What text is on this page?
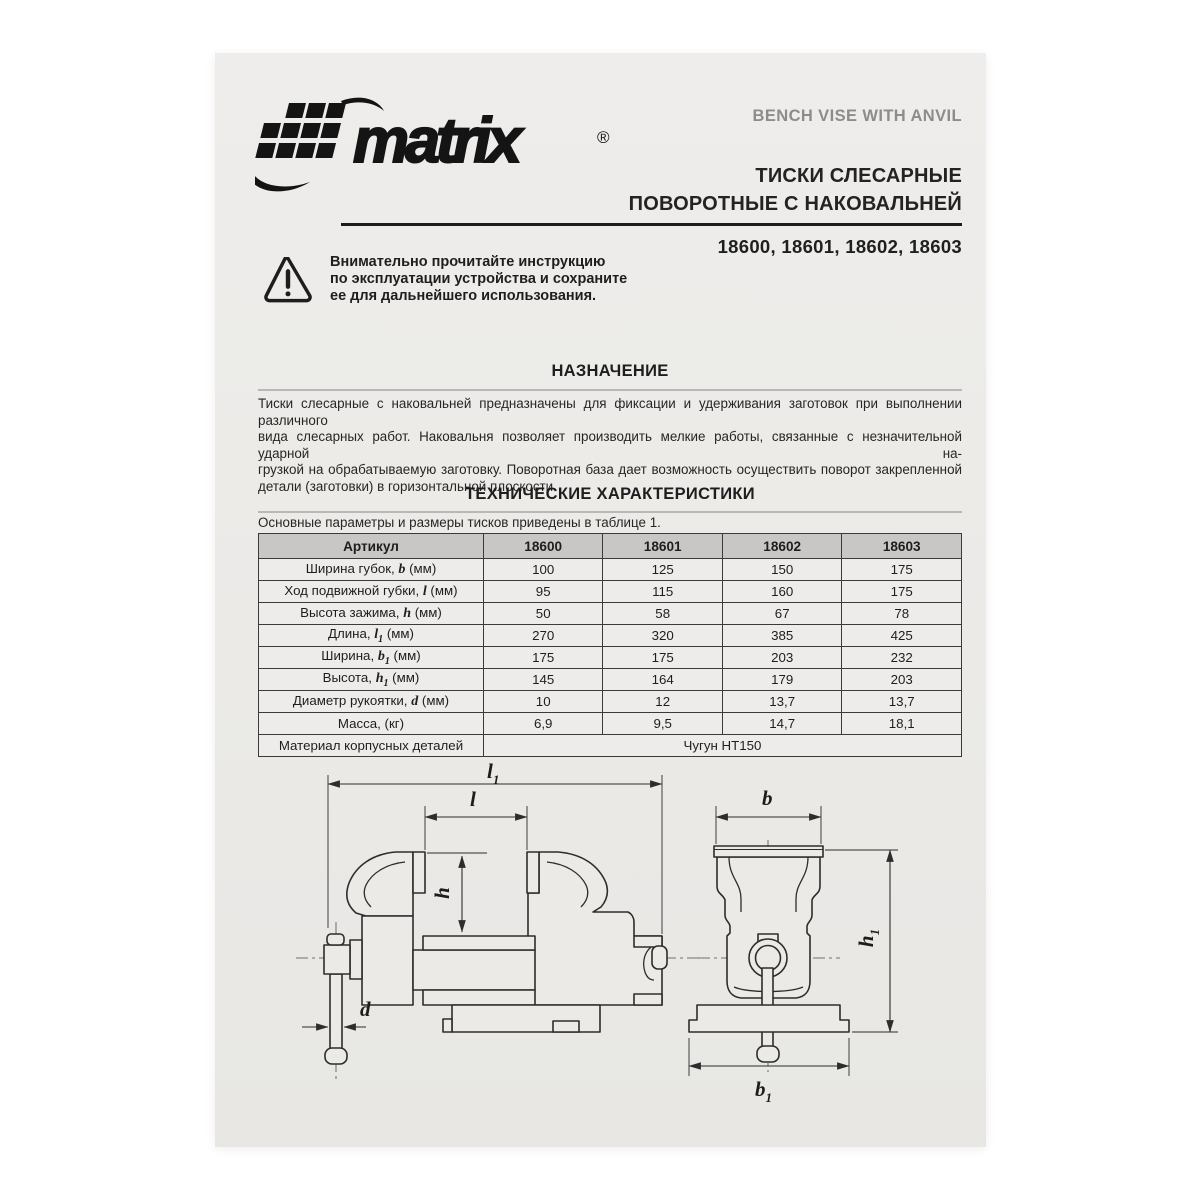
matrix	®
BENCH VISE WITH ANVIL
ТИСКИ СЛЕСАРНЫЕ
ПОВОРОТНЫЕ С НАКОВАЛЬНЕЙ
18600, 18601, 18602, 18603
Внимательно прочитайте инструкцию
по эксплуатации устройства и сохраните
ее для дальнейшего использования.
НАЗНАЧЕНИЕ
Тиски слесарные с наковальней предназначены для фиксации и удерживания заготовок при выполнении различного
вида слесарных работ. Наковальня позволяет производить мелкие работы, связанные с незначительной ударной на-
грузкой на обрабатываемую заготовку. Поворотная база дает возможность осуществить поворот закрепленной
детали (заготовки) в горизонтальной плоскости.
ТЕХНИЧЕСКИЕ ХАРАКТЕРИСТИКИ
Основные параметры и размеры тисков приведены в таблице 1.
Артикул	18600	18601	18602	18603
Ширина губок, b (мм)	100	125	150	175
Ход подвижной губки, l (мм)	95	115	160	175
Высота зажима, h (мм)	50	58	67	78
Длина, $l_1$ (мм)	270	320	385	425
Ширина, $b_1$ (мм)	175	175	203	232
Высота, $h_1$ (мм)	145	164	179	203
Диаметр рукоятки, d (мм)	10	12	13,7	13,7
Масса, (кг)	6,9	9,5	14,7	18,1
Материал корпусных деталей	Чугун HT150			
$l_1$
l
h
d
b
$h_1$
$b_1$
